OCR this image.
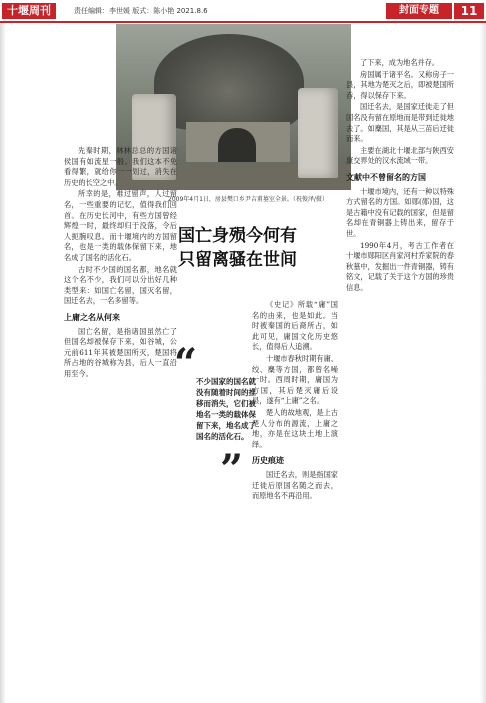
十堰周刊	责任编辑：李世媛 版式：陈小艳 2021.8.6	封面专题	11
2009年4月1日，房县樊口乡尹吉甫墓室全景。（祝俊泽/摄）
国亡身殒今何有
只留离骚在世间

先秦时期，林林总总的方国诸侯国有如流星一般。我们这本不免看得繁，就给你一一划过，消失在历史的长空之中。

所幸的是，难过留声，人过留名，一些重要的记忆，值得我们回首。在历史长河中，有些方国曾经辉煌一时，最终却归于没落，令后人扼腕叹息。而十堰境内的方国留名，也是一类的载体保留下来，地名成了国名的活化石。

古时不少国的国名都，地名就这个名不少，我们可以分出好几种类型来：如国亡名留，国灭名留，国迁名去，一名多留等。

上庸之名从何来

国亡名留，是指诸国虽然亡了但国名却被保存下来，如谷城，公元前611年其被楚国所灭，楚国将所占地的谷城称为县，后人一直沿用至今。	“
不少国家的国名就没有随着时间的推移而消失，它们被地名一类的载体保留下来，地名成了国名的活化石。
”

《史记》所载“庸”国名的由来，也是如此。当时被秦国的后裔所占，如此可见，庸国文化历史悠长，值得后人追溯。

十堰市春秋时期有庸、绞、麇等方国，都曾名噪一时。西周时期，庸国为方国，其后楚灭庸后设县，遂有“上庸”之名。

楚人的故地观，是上古楚人分布的源流，上庸之地，亦是在这块土地上演绎。

历史痕迹

国迁名去，则是指国家迁徙后原国名随之而去，而原地名不再沿用。

了下来，成为地名并存。

房国属于诸平名。又称房子一县，其地为楚灭之后，即被楚国所吞，得以保存下来。

国迁名去，是国家迁徙走了但国名没有留在原地而是带到迁徙地去了。如麇国，其是从三苗后迁徙而来。

主要在湖北十堰北部与陕西安康交界处的汉水流域一带。

文献中不曾留名的方国

十堰市境内，还有一种以特殊方式留名的方国。如郧(郧)国，这是古籍中没有记载的国家，但是留名却在青铜器上铸出来，留存于世。

1990年4月，考古工作者在十堰市郧阳区肖家河村乔家院的春秋墓中，发掘出一件青铜器，铸有铭文，记载了关于这个方国的珍贵信息。
